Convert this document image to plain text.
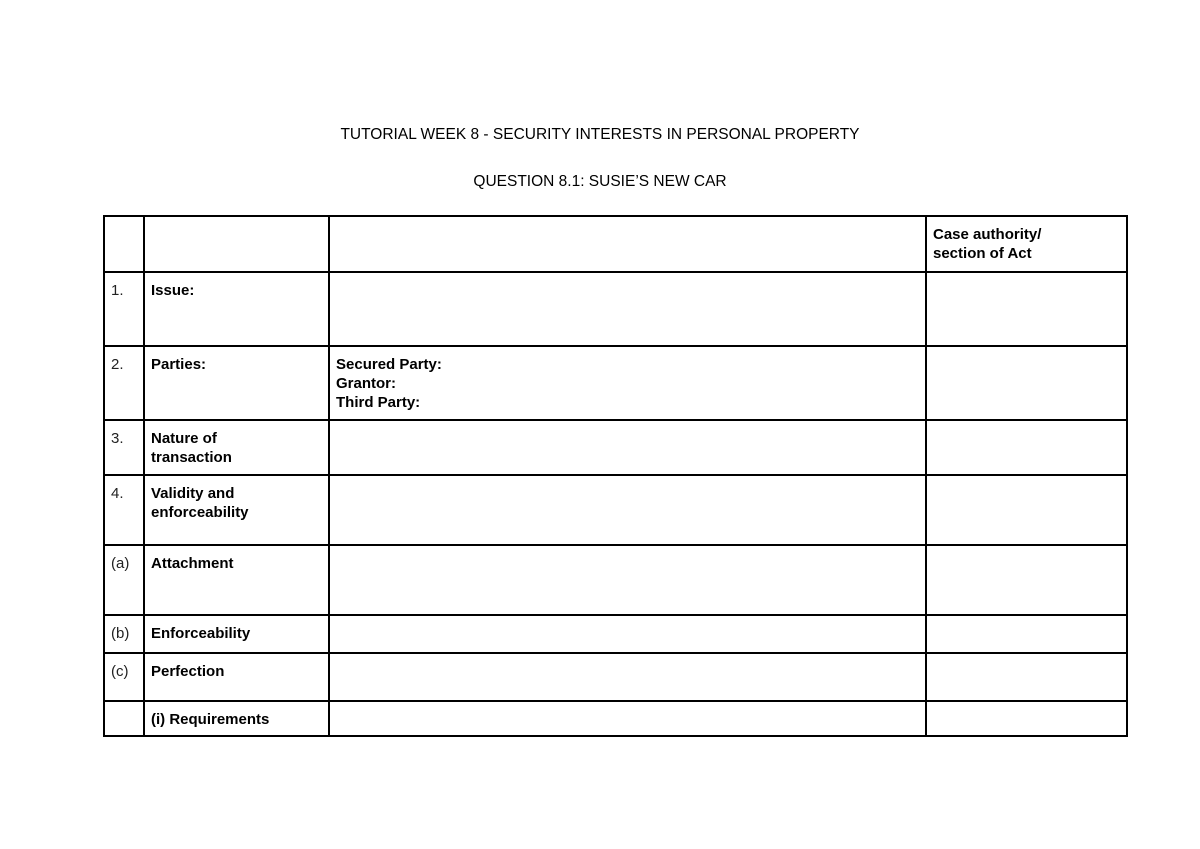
TUTORIAL WEEK 8 - SECURITY INTERESTS IN PERSONAL PROPERTY
QUESTION 8.1: SUSIE’S NEW CAR

			Case authority/
section of Act

1.	Issue:		

2.	Parties:	Secured Party:
Grantor:
Third Party:	

3.	Nature of
transaction		

4.	Validity and
enforceability		

(a)	Attachment		

(b)	Enforceability		

(c)	Perfection		

	(i) Requirements		
